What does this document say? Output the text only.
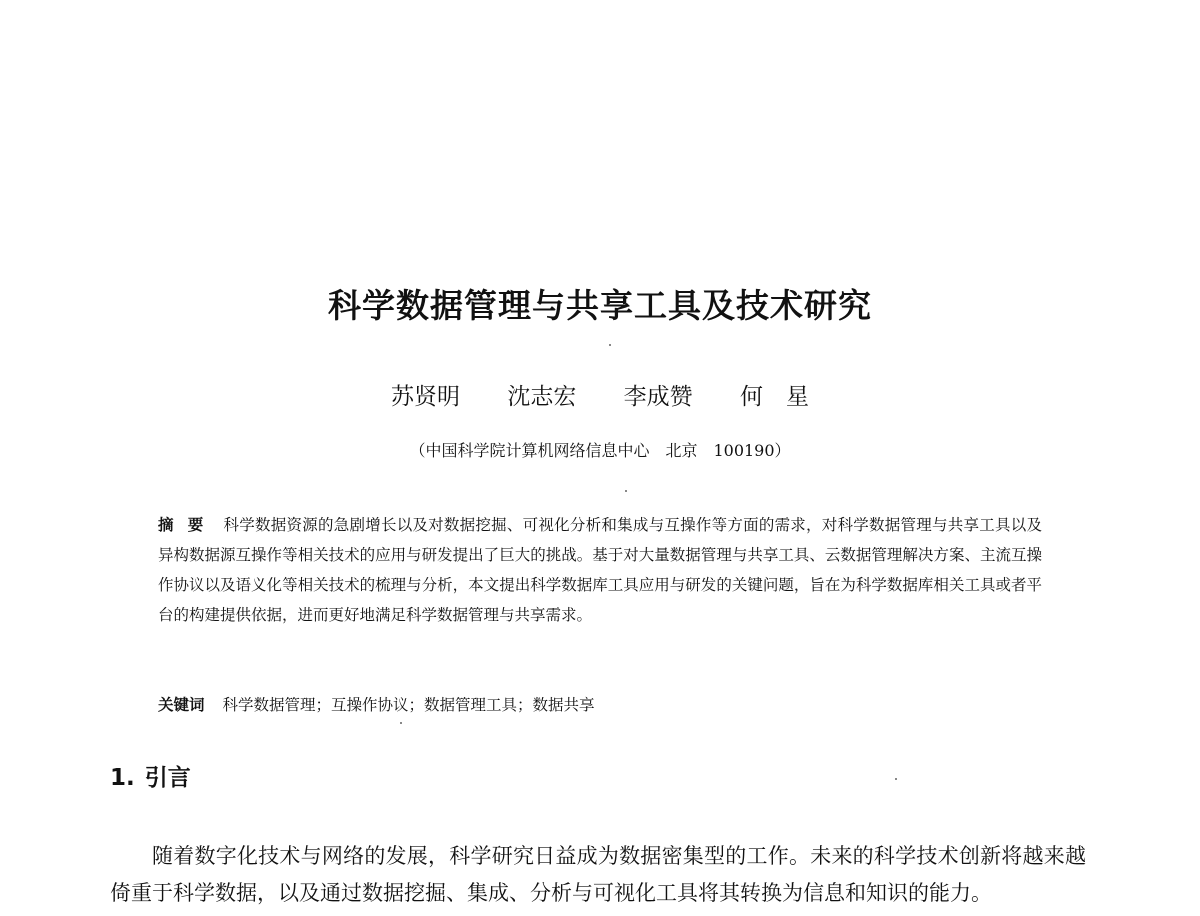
科学数据管理与共享工具及技术研究
苏贤明 沈志宏 李成赞 何　星
（中国科学院计算机网络信息中心　北京　100190）

摘要 科学数据资源的急剧增长以及对数据挖掘、可视化分析和集成与互操作等方面的需求，对科学数据管理与共享工具以及异构数据源互操作等相关技术的应用与研发提出了巨大的挑战。基于对大量数据管理与共享工具、云数据管理解决方案、主流互操作协议以及语义化等相关技术的梳理与分析，本文提出科学数据库工具应用与研发的关键问题，旨在为科学数据库相关工具或者平台的构建提供依据，进而更好地满足科学数据管理与共享需求。

关键词 科学数据管理；互操作协议；数据管理工具；数据共享
1. 引言

随着数字化技术与网络的发展，科学研究日益成为数据密集型的工作。未来的科学技术创新将越来越倚重于科学数据，以及通过数据挖掘、集成、分析与可视化工具将其转换为信息和知识的能力。
